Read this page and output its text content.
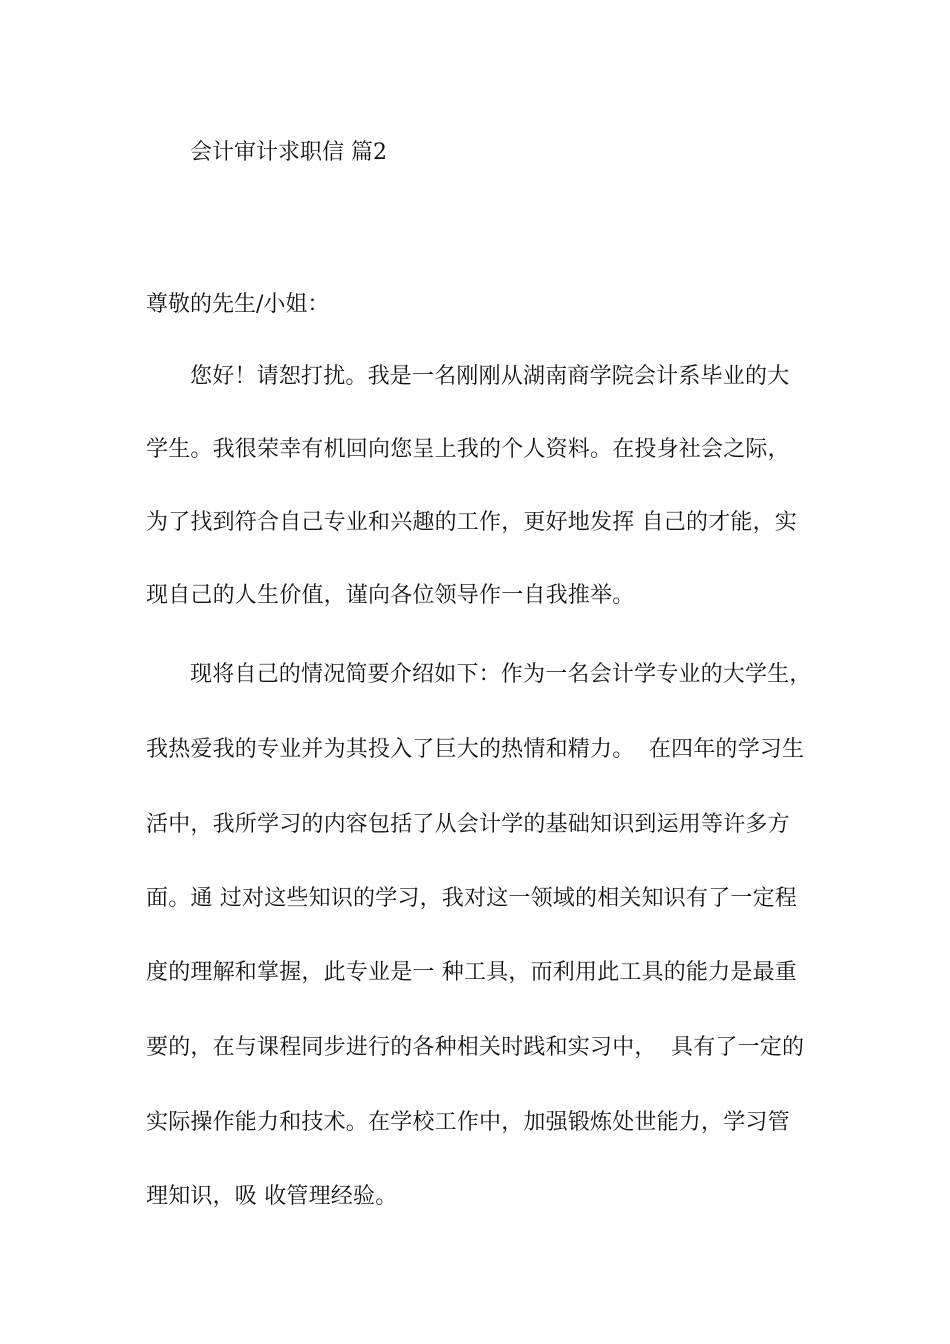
会计审计求职信 篇2
尊敬的先生/小姐：
您好！请恕打扰。我是一名刚刚从湖南商学院会计系毕业的大
学生。我很荣幸有机回向您呈上我的个人资料。在投身社会之际，
为了找到符合自己专业和兴趣的工作，更好地发挥 自己的才能，实
现自己的人生价值，谨向各位领导作一自我推举。
现将自己的情况简要介绍如下：作为一名会计学专业的大学生，
我热爱我的专业并为其投入了巨大的热情和精力。  在四年的学习生
活中，我所学习的内容包括了从会计学的基础知识到运用等许多方
面。通 过对这些知识的学习，我对这一领域的相关知识有了一定程
度的理解和掌握，此专业是一 种工具，而利用此工具的能力是最重
要的，在与课程同步进行的各种相关时践和实习中，  具有了一定的
实际操作能力和技术。在学校工作中，加强锻炼处世能力，学习管
理知识，吸 收管理经验。
